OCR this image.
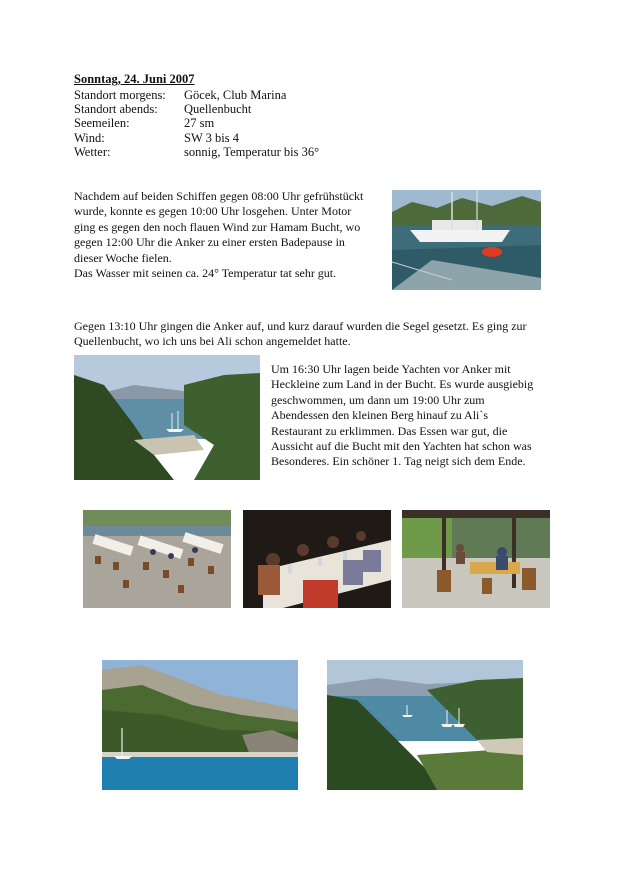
Sonntag, 24. Juni 2007
Standort morgens:	Göcek, Club Marina
Standort abends:	Quellenbucht
Seemeilen:	27 sm
Wind:	SW 3 bis 4
Wetter:	sonnig, Temperatur bis 36°
Nachdem auf beiden Schiffen gegen 08:00 Uhr gefrühstückt
wurde, konnte es gegen 10:00 Uhr losgehen. Unter Motor
ging es gegen den noch flauen Wind zur Hamam Bucht, wo
gegen 12:00 Uhr die Anker zu einer ersten Badepause in
dieser Woche fielen.
Das Wasser mit seinen ca. 24° Temperatur tat sehr gut.
Gegen 13:10 Uhr gingen die Anker auf, und kurz darauf wurden die Segel gesetzt. Es ging zur
Quellenbucht, wo ich uns bei Ali schon angemeldet hatte.
Um 16:30 Uhr lagen beide Yachten vor Anker mit
Heckleine zum Land in der Bucht. Es wurde ausgiebig
geschwommen, um dann um 19:00 Uhr zum
Abendessen den kleinen Berg hinauf zu Ali`s
Restaurant zu erklimmen. Das Essen war gut, die
Aussicht auf die Bucht mit den Yachten hat schon was
Besonderes. Ein schöner 1. Tag neigt sich dem Ende.
